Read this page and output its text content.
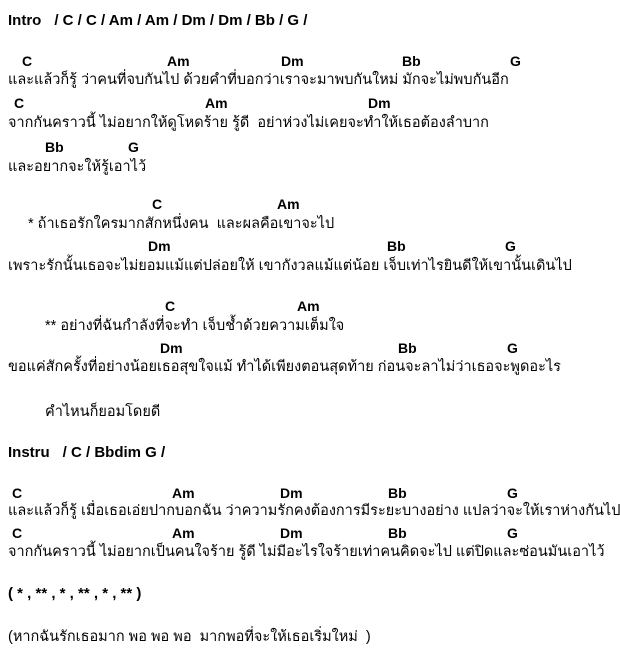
Intro / C / C / Am / Am / Dm / Dm / Bb / G /
C	Am	Dm	Bb	G
และแล้วก็รู้ ว่าคนที่จบกันไป ด้วยคำที่บอกว่าเราจะมาพบกันใหม่ มักจะไม่พบกันอีก
C	Am	Dm
จากกันคราวนี้ ไม่อยากให้ดูโหดร้าย รู้ดี  อย่าห่วงไม่เคยจะทำให้เธอต้องลำบาก
Bb	G
และอยากจะให้รู้เอาไว้
C	Am
* ถ้าเธอรักใครมากสักหนึ่งคน  และผลคือเขาจะไป
Dm	Bb	G
เพราะรักนั้นเธอจะไม่ยอมแม้แต่ปล่อยให้ เขากังวลแม้แต่น้อย เจ็บเท่าไรยินดีให้เขานั้นเดินไป
C	Am
** อย่างที่ฉันกำลังที่จะทำ เจ็บช้ำด้วยความเต็มใจ
Dm	Bb	G
ขอแค่สักครั้งที่อย่างน้อยเธอสุขใจแม้ ทำได้เพียงตอนสุดท้าย ก่อนจะลาไม่ว่าเธอจะพูดอะไร
คำไหนก็ยอมโดยดี
Instru / C / Bbdim G /
C	Am	Dm	Bb	G
และแล้วก็รู้ เมื่อเธอเอ่ยปากบอกฉัน ว่าความรักคงต้องการมีระยะบางอย่าง แปลว่าจะให้เราห่างกันไป
C	Am	Dm	Bb	G
จากกันคราวนี้ ไม่อยากเป็นคนใจร้าย รู้ดี ไม่มีอะไรใจร้ายเท่าคนคิดจะไป แต่ปิดและซ่อนมันเอาไว้
( * , ** , * , ** , * , ** )
(หากฉันรักเธอมาก พอ พอ พอ  มากพอที่จะให้เธอเริ่มใหม่  )
